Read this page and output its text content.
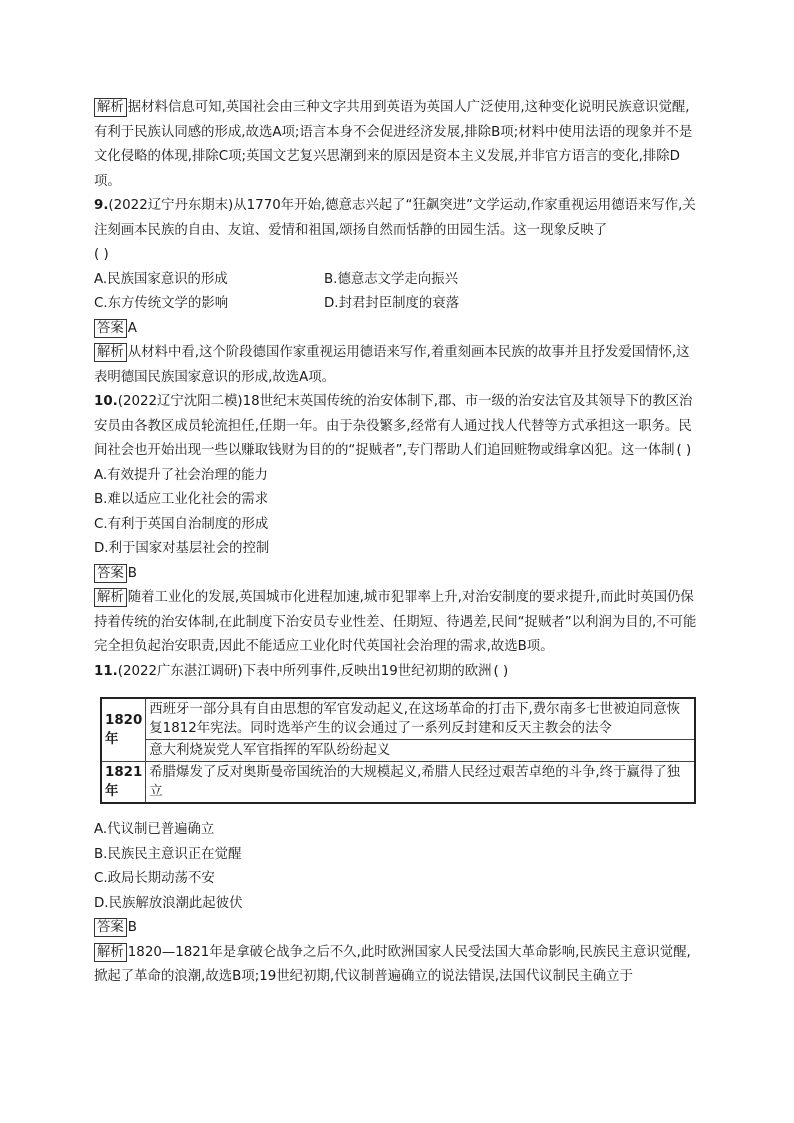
解析 据材料信息可知,英国社会由三种文字共用到英语为英国人广泛使用,这种变化说明民族意识觉醒,有利于民族认同感的形成,故选A项;语言本身不会促进经济发展,排除B项;材料中使用法语的现象并不是文化侵略的体现,排除C项;英国文艺复兴思潮到来的原因是资本主义发展,并非官方语言的变化,排除D项。

9.(2022辽宁丹东期末)从1770年开始,德意志兴起了“狂飙突进”文学运动,作家重视运用德语来写作,关注刻画本民族的自由、友谊、爱情和祖国,颂扬自然而恬静的田园生活。这一现象反映了

( )

A.民族国家意识的形成	B.德意志文学走向振兴
C.东方传统文学的影响	D.封君封臣制度的衰落

答案 A

解析 从材料中看,这个阶段德国作家重视运用德语来写作,着重刻画本民族的故事并且抒发爱国情怀,这表明德国民族国家意识的形成,故选A项。

10.(2022辽宁沈阳二模)18世纪末英国传统的治安体制下,郡、市一级的治安法官及其领导下的教区治安员由各教区成员轮流担任,任期一年。由于杂役繁多,经常有人通过找人代替等方式承担这一职务。民间社会也开始出现一些以赚取钱财为目的的“捉贼者”,专门帮助人们追回赃物或缉拿凶犯。这一体制 ( )

A.有效提升了社会治理的能力

B.难以适应工业化社会的需求

C.有利于英国自治制度的形成

D.利于国家对基层社会的控制

答案 B

解析 随着工业化的发展,英国城市化进程加速,城市犯罪率上升,对治安制度的要求提升,而此时英国仍保持着传统的治安体制,在此制度下治安员专业性差、任期短、待遇差,民间“捉贼者”以利润为目的,不可能完全担负起治安职责,因此不能适应工业化时代英国社会治理的需求,故选B项。

11.(2022广东湛江调研)下表中所列事件,反映出19世纪初期的欧洲 ( )

1820年	西班牙一部分具有自由思想的军官发动起义,在这场革命的打击下,费尔南多七世被迫同意恢复1812年宪法。同时选举产生的议会通过了一系列反封建和反天主教会的法令
	意大利烧炭党人军官指挥的军队纷纷起义
1821年	希腊爆发了反对奥斯曼帝国统治的大规模起义,希腊人民经过艰苦卓绝的斗争,终于赢得了独立

A.代议制已普遍确立

B.民族民主意识正在觉醒

C.政局长期动荡不安

D.民族解放浪潮此起彼伏

答案 B

解析 1820—1821年是拿破仑战争之后不久,此时欧洲国家人民受法国大革命影响,民族民主意识觉醒,掀起了革命的浪潮,故选B项;19世纪初期,代议制普遍确立的说法错误,法国代议制民主确立于
